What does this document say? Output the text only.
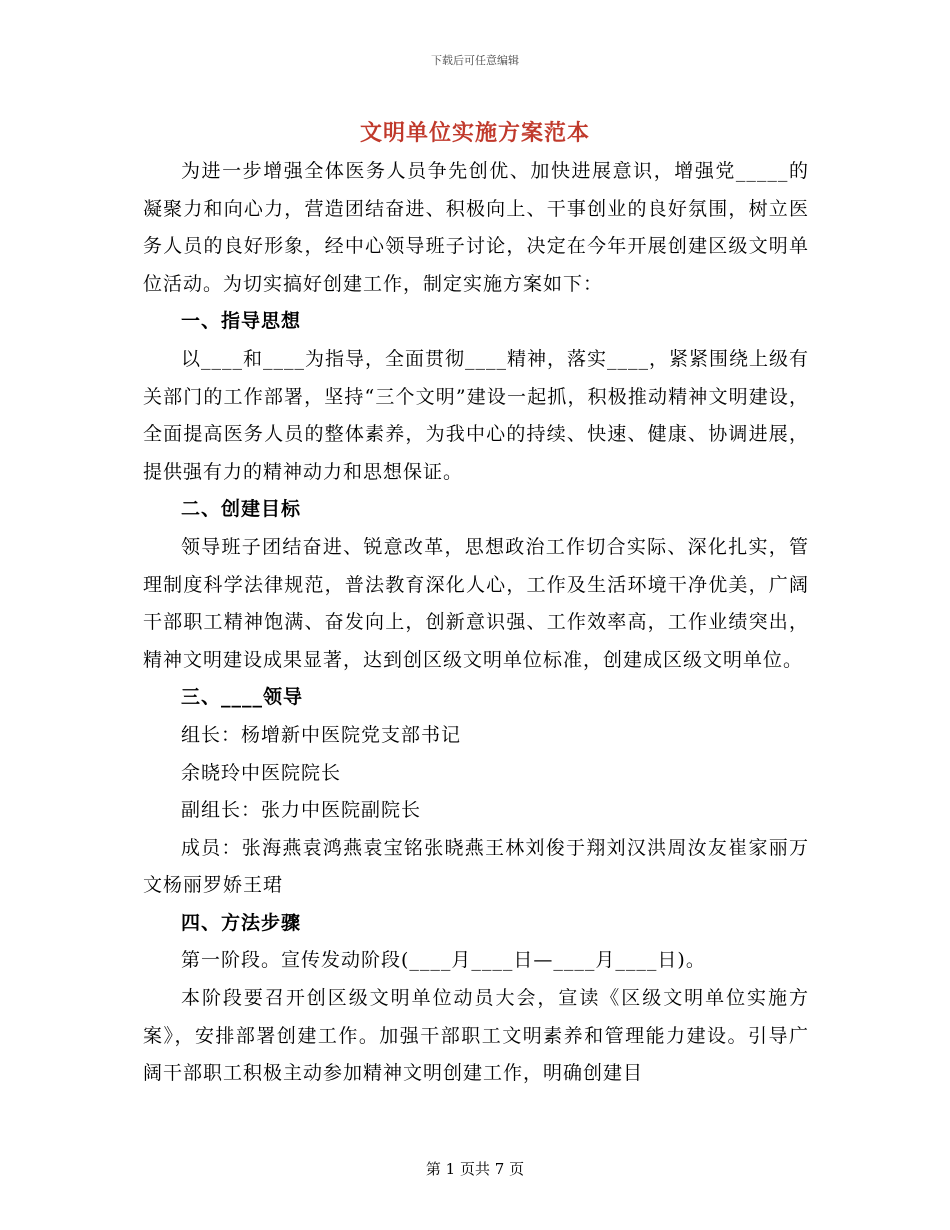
下载后可任意编辑
文明单位实施方案范本

为进一步增强全体医务人员争先创优、加快进展意识，增强党_____的凝聚力和向心力，营造团结奋进、积极向上、干事创业的良好氛围，树立医务人员的良好形象，经中心领导班子讨论，决定在今年开展创建区级文明单位活动。为切实搞好创建工作，制定实施方案如下：

一、指导思想

以____和____为指导，全面贯彻____精神，落实____，紧紧围绕上级有关部门的工作部署，坚持“三个文明”建设一起抓，积极推动精神文明建设，全面提高医务人员的整体素养，为我中心的持续、快速、健康、协调进展，提供强有力的精神动力和思想保证。

二、创建目标

领导班子团结奋进、锐意改革，思想政治工作切合实际、深化扎实，管理制度科学法律规范，普法教育深化人心，工作及生活环境干净优美，广阔干部职工精神饱满、奋发向上，创新意识强、工作效率高，工作业绩突出，精神文明建设成果显著，达到创区级文明单位标准，创建成区级文明单位。

三、____领导

组长：杨增新中医院党支部书记

余晓玲中医院院长

副组长：张力中医院副院长

成员：张海燕袁鸿燕袁宝铭张晓燕王林刘俊于翔刘汉洪周汝友崔家丽万文杨丽罗娇王珺

四、方法步骤

第一阶段。宣传发动阶段(____月____日—____月____日)。

本阶段要召开创区级文明单位动员大会，宣读《区级文明单位实施方案》，安排部署创建工作。加强干部职工文明素养和管理能力建设。引导广阔干部职工积极主动参加精神文明创建工作，明确创建目

第 1 页共 7 页
